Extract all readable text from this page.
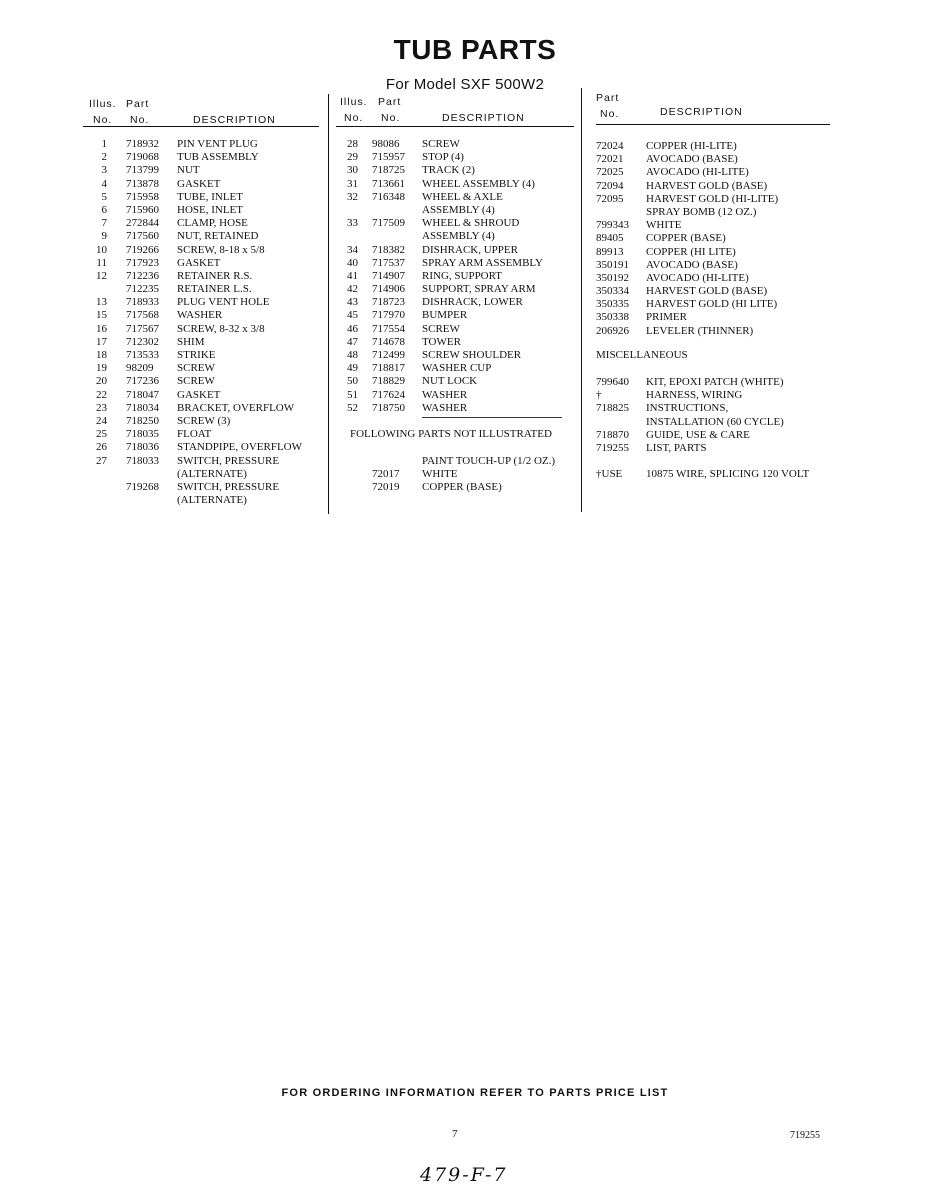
TUB PARTS
For Model SXF 500W2
Illus. Part
No. No.	DESCRIPTION
1 718932 PIN VENT PLUG
2 719068 TUB ASSEMBLY
3 713799 NUT
4 713878 GASKET
5 715958 TUBE, INLET
6 715960 HOSE, INLET
7 272844 CLAMP, HOSE
9 717560 NUT, RETAINED
10 719266 SCREW, 8-18 x 5/8
11 717923 GASKET
12 712236 RETAINER R.S.
712235 RETAINER L.S.
13 718933 PLUG VENT HOLE
15 717568 WASHER
16 717567 SCREW, 8-32 x 3/8
17 712302 SHIM
18 713533 STRIKE
19 98209 SCREW
20 717236 SCREW
22 718047 GASKET
23 718034 BRACKET, OVERFLOW
24 718250 SCREW (3)
25 718035 FLOAT
26 718036 STANDPIPE, OVERFLOW
27 718033 SWITCH, PRESSURE
(ALTERNATE)
719268 SWITCH, PRESSURE
(ALTERNATE)
Illus. Part
No. No.	DESCRIPTION
28 98086 SCREW
29 715957 STOP (4)
30 718725 TRACK (2)
31 713661 WHEEL ASSEMBLY (4)
32 716348 WHEEL & AXLE
ASSEMBLY (4)
33 717509 WHEEL & SHROUD
ASSEMBLY (4)
34 718382 DISHRACK, UPPER
40 717537 SPRAY ARM ASSEMBLY
41 714907 RING, SUPPORT
42 714906 SUPPORT, SPRAY ARM
43 718723 DISHRACK, LOWER
45 717970 BUMPER
46 717554 SCREW
47 714678 TOWER
48 712499 SCREW SHOULDER
49 718817 WASHER CUP
50 718829 NUT LOCK
51 717624 WASHER
52 718750 WASHER
FOLLOWING PARTS NOT ILLUSTRATED
PAINT TOUCH-UP (1/2 OZ.)
72017 WHITE
72019 COPPER (BASE)
Part
No.	DESCRIPTION
72024 COPPER (HI-LITE)
72021 AVOCADO (BASE)
72025 AVOCADO (HI-LITE)
72094 HARVEST GOLD (BASE)
72095 HARVEST GOLD (HI-LITE)
SPRAY BOMB (12 OZ.)
799343 WHITE
89405 COPPER (BASE)
89913 COPPER (HI LITE)
350191 AVOCADO (BASE)
350192 AVOCADO (HI-LITE)
350334 HARVEST GOLD (BASE)
350335 HARVEST GOLD (HI LITE)
350338 PRIMER
206926 LEVELER (THINNER)
MISCELLANEOUS
799640 KIT, EPOXI PATCH (WHITE)
†	HARNESS, WIRING
718825 INSTRUCTIONS,
INSTALLATION (60 CYCLE)
718870 GUIDE, USE & CARE
719255 LIST, PARTS
†USE 10875 WIRE, SPLICING 120 VOLT
FOR ORDERING INFORMATION REFER TO PARTS PRICE LIST
7	719255
479-F-7
